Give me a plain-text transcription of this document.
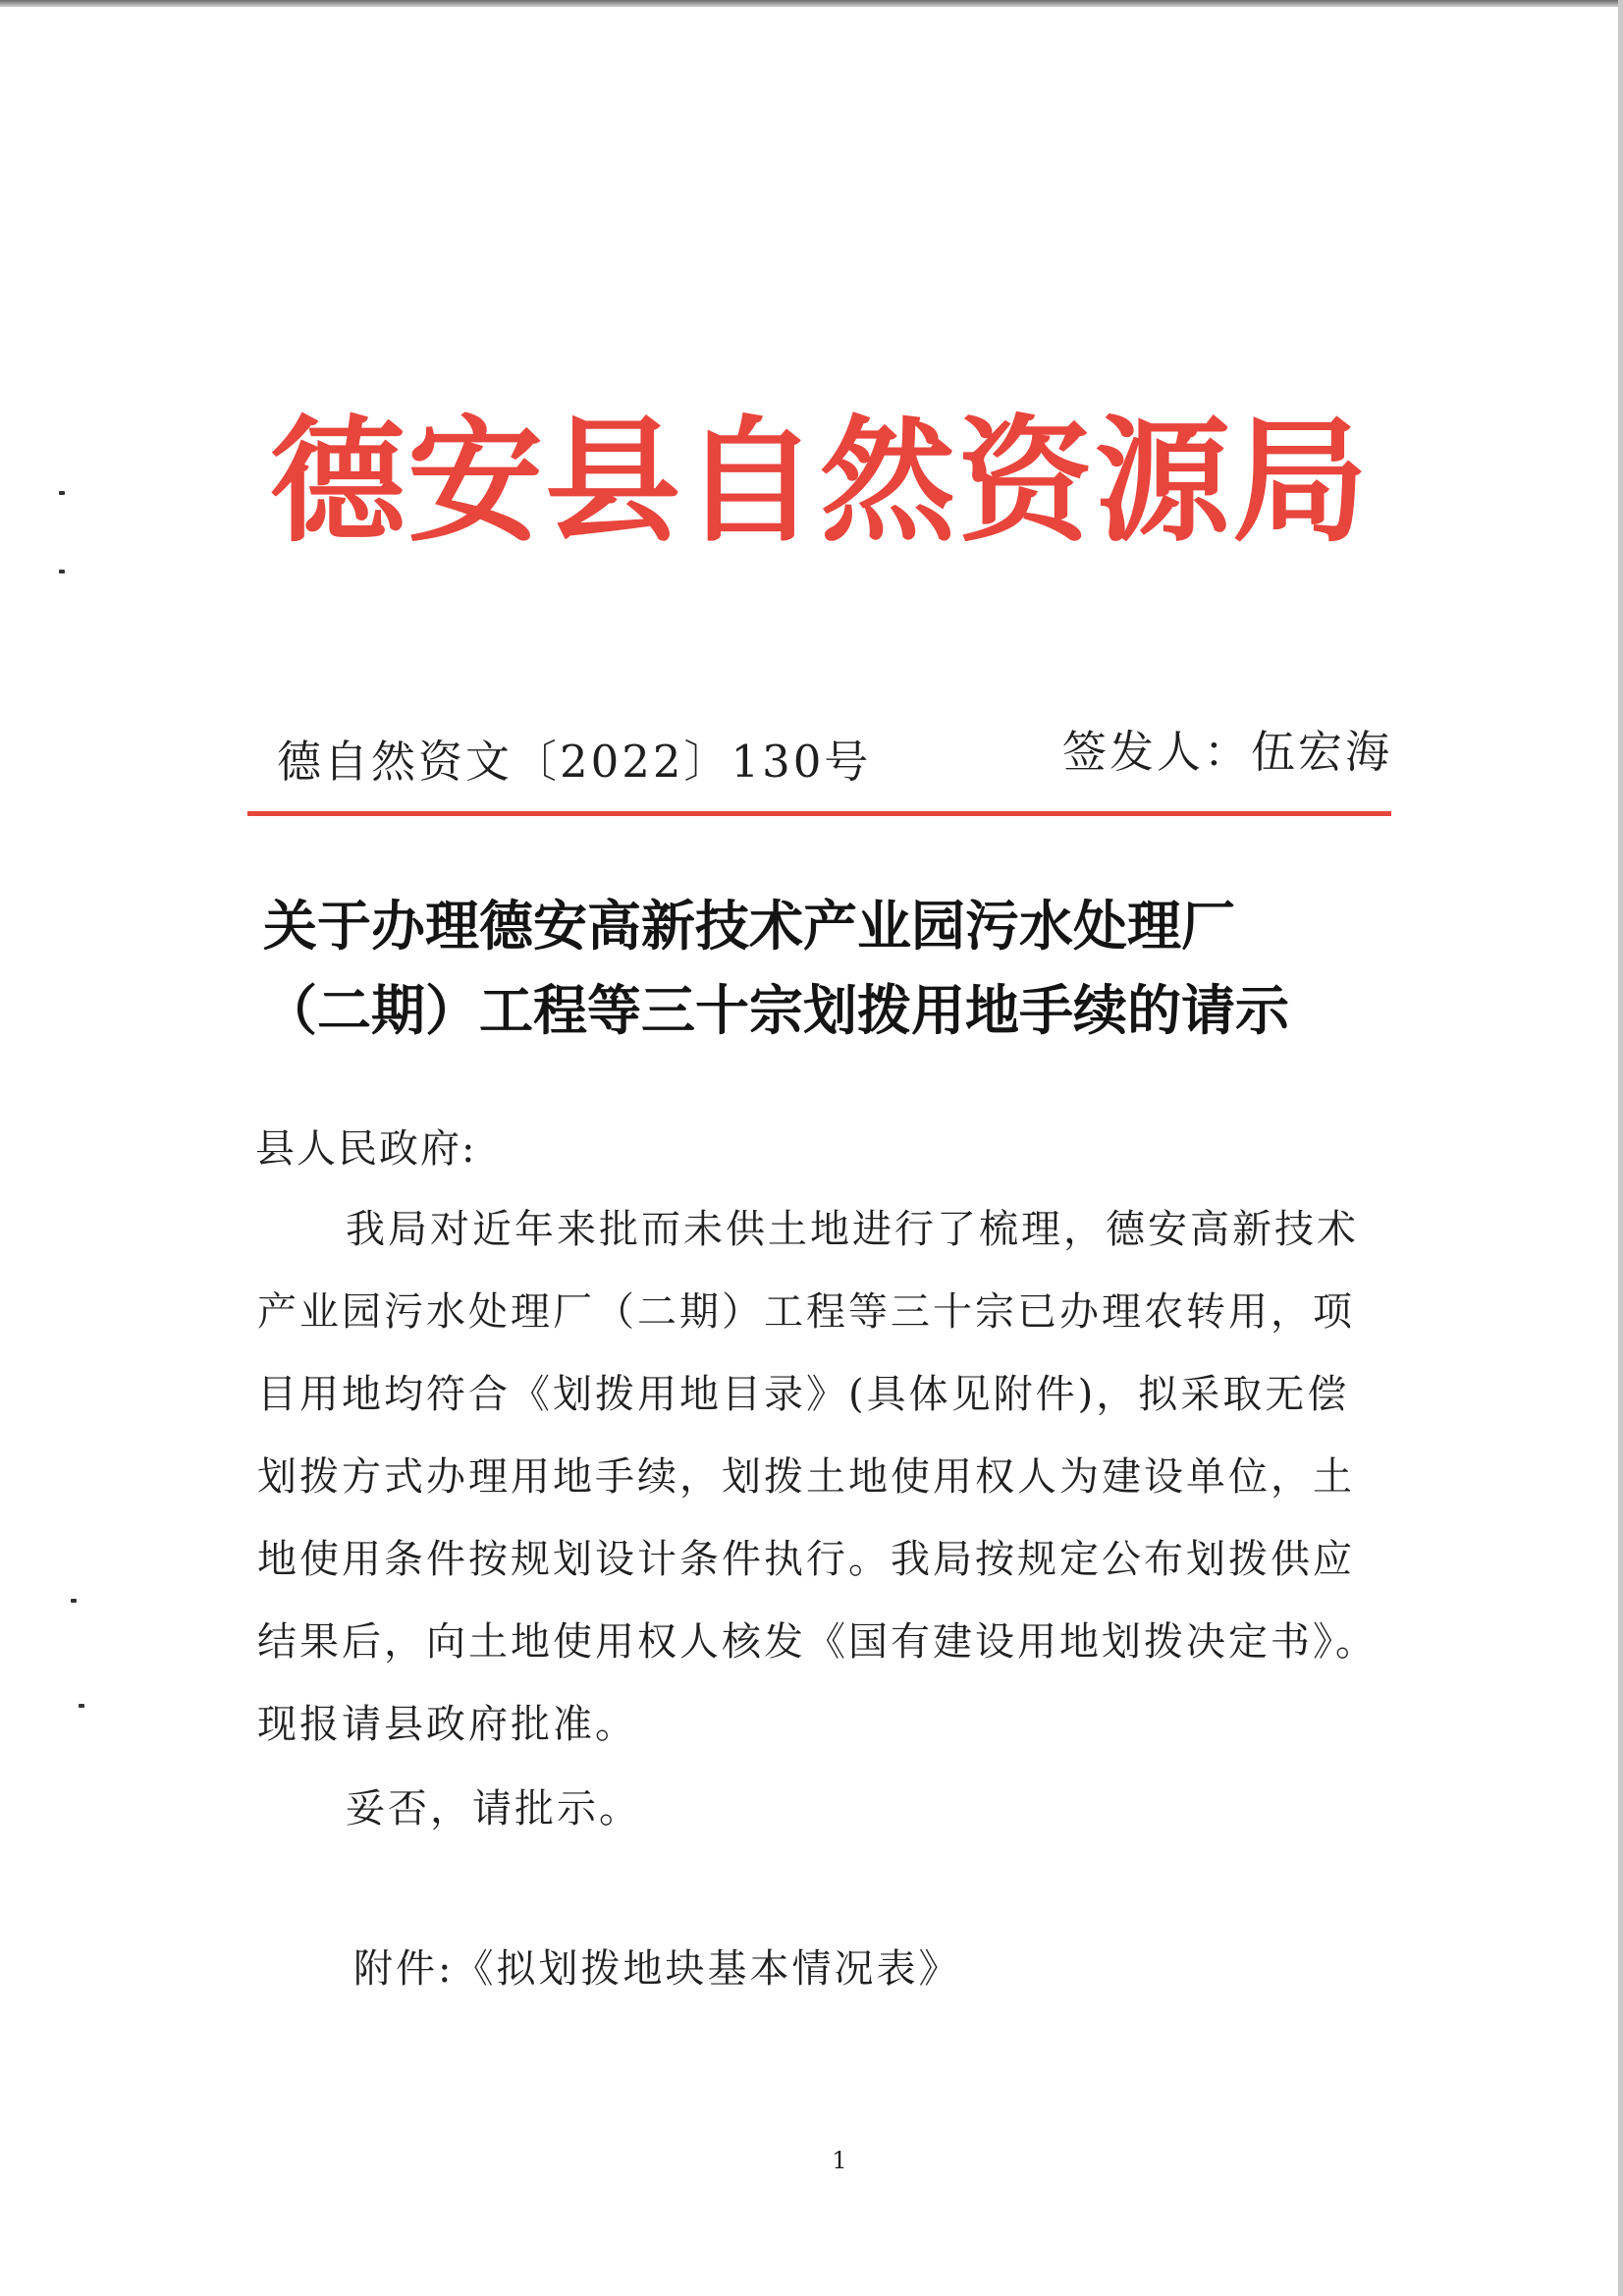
德安县自然资源局
德自然资文〔2022〕130号	签发人：伍宏海
关于办理德安高新技术产业园污水处理厂
（二期）工程等三十宗划拨用地手续的请示
县人民政府:
我局对近年来批而未供土地进行了梳理，德安高新技术
产业园污水处理厂（二期）工程等三十宗已办理农转用，项
目用地均符合《划拨用地目录》(具体见附件)，拟采取无偿
划拨方式办理用地手续，划拨土地使用权人为建设单位，土
地使用条件按规划设计条件执行。我局按规定公布划拨供应
结果后，向土地使用权人核发《国有建设用地划拨决定书》。
现报请县政府批准。
妥否，请批示。
附件:《拟划拨地块基本情况表》
1
